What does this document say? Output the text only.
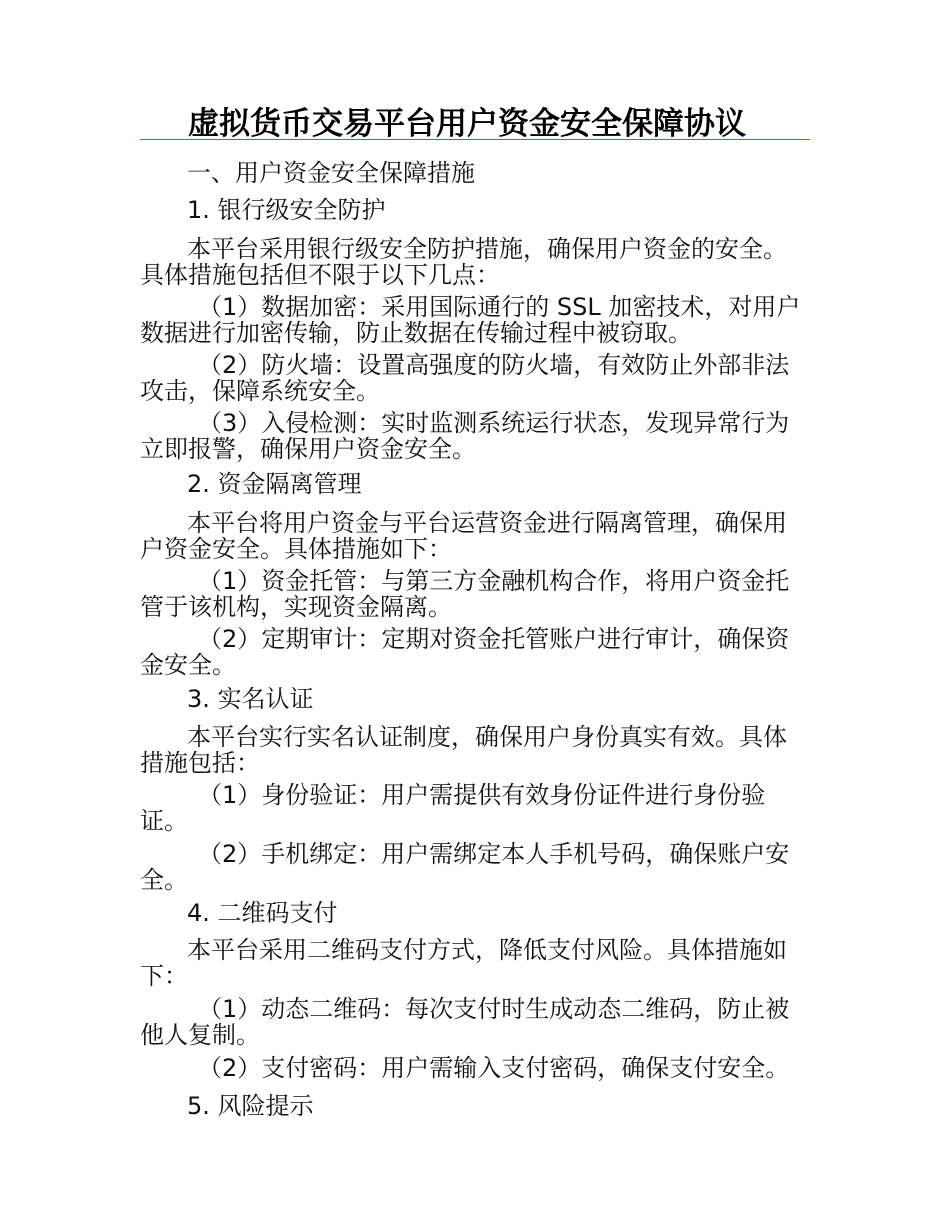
虚拟货币交易平台用户资金安全保障协议
一、用户资金安全保障措施
1. 银行级安全防护
本平台采用银行级安全防护措施，确保用户资金的安全。
具体措施包括但不限于以下几点：
（1）数据加密：采用国际通行的 SSL 加密技术，对用户
数据进行加密传输，防止数据在传输过程中被窃取。
（2）防火墙：设置高强度的防火墙，有效防止外部非法
攻击，保障系统安全。
（3）入侵检测：实时监测系统运行状态，发现异常行为
立即报警，确保用户资金安全。
2. 资金隔离管理
本平台将用户资金与平台运营资金进行隔离管理，确保用
户资金安全。具体措施如下：
（1）资金托管：与第三方金融机构合作，将用户资金托
管于该机构，实现资金隔离。
（2）定期审计：定期对资金托管账户进行审计，确保资
金安全。
3. 实名认证
本平台实行实名认证制度，确保用户身份真实有效。具体
措施包括：
（1）身份验证：用户需提供有效身份证件进行身份验
证。
（2）手机绑定：用户需绑定本人手机号码，确保账户安
全。
4. 二维码支付
本平台采用二维码支付方式，降低支付风险。具体措施如
下：
（1）动态二维码：每次支付时生成动态二维码，防止被
他人复制。
（2）支付密码：用户需输入支付密码，确保支付安全。
5. 风险提示
